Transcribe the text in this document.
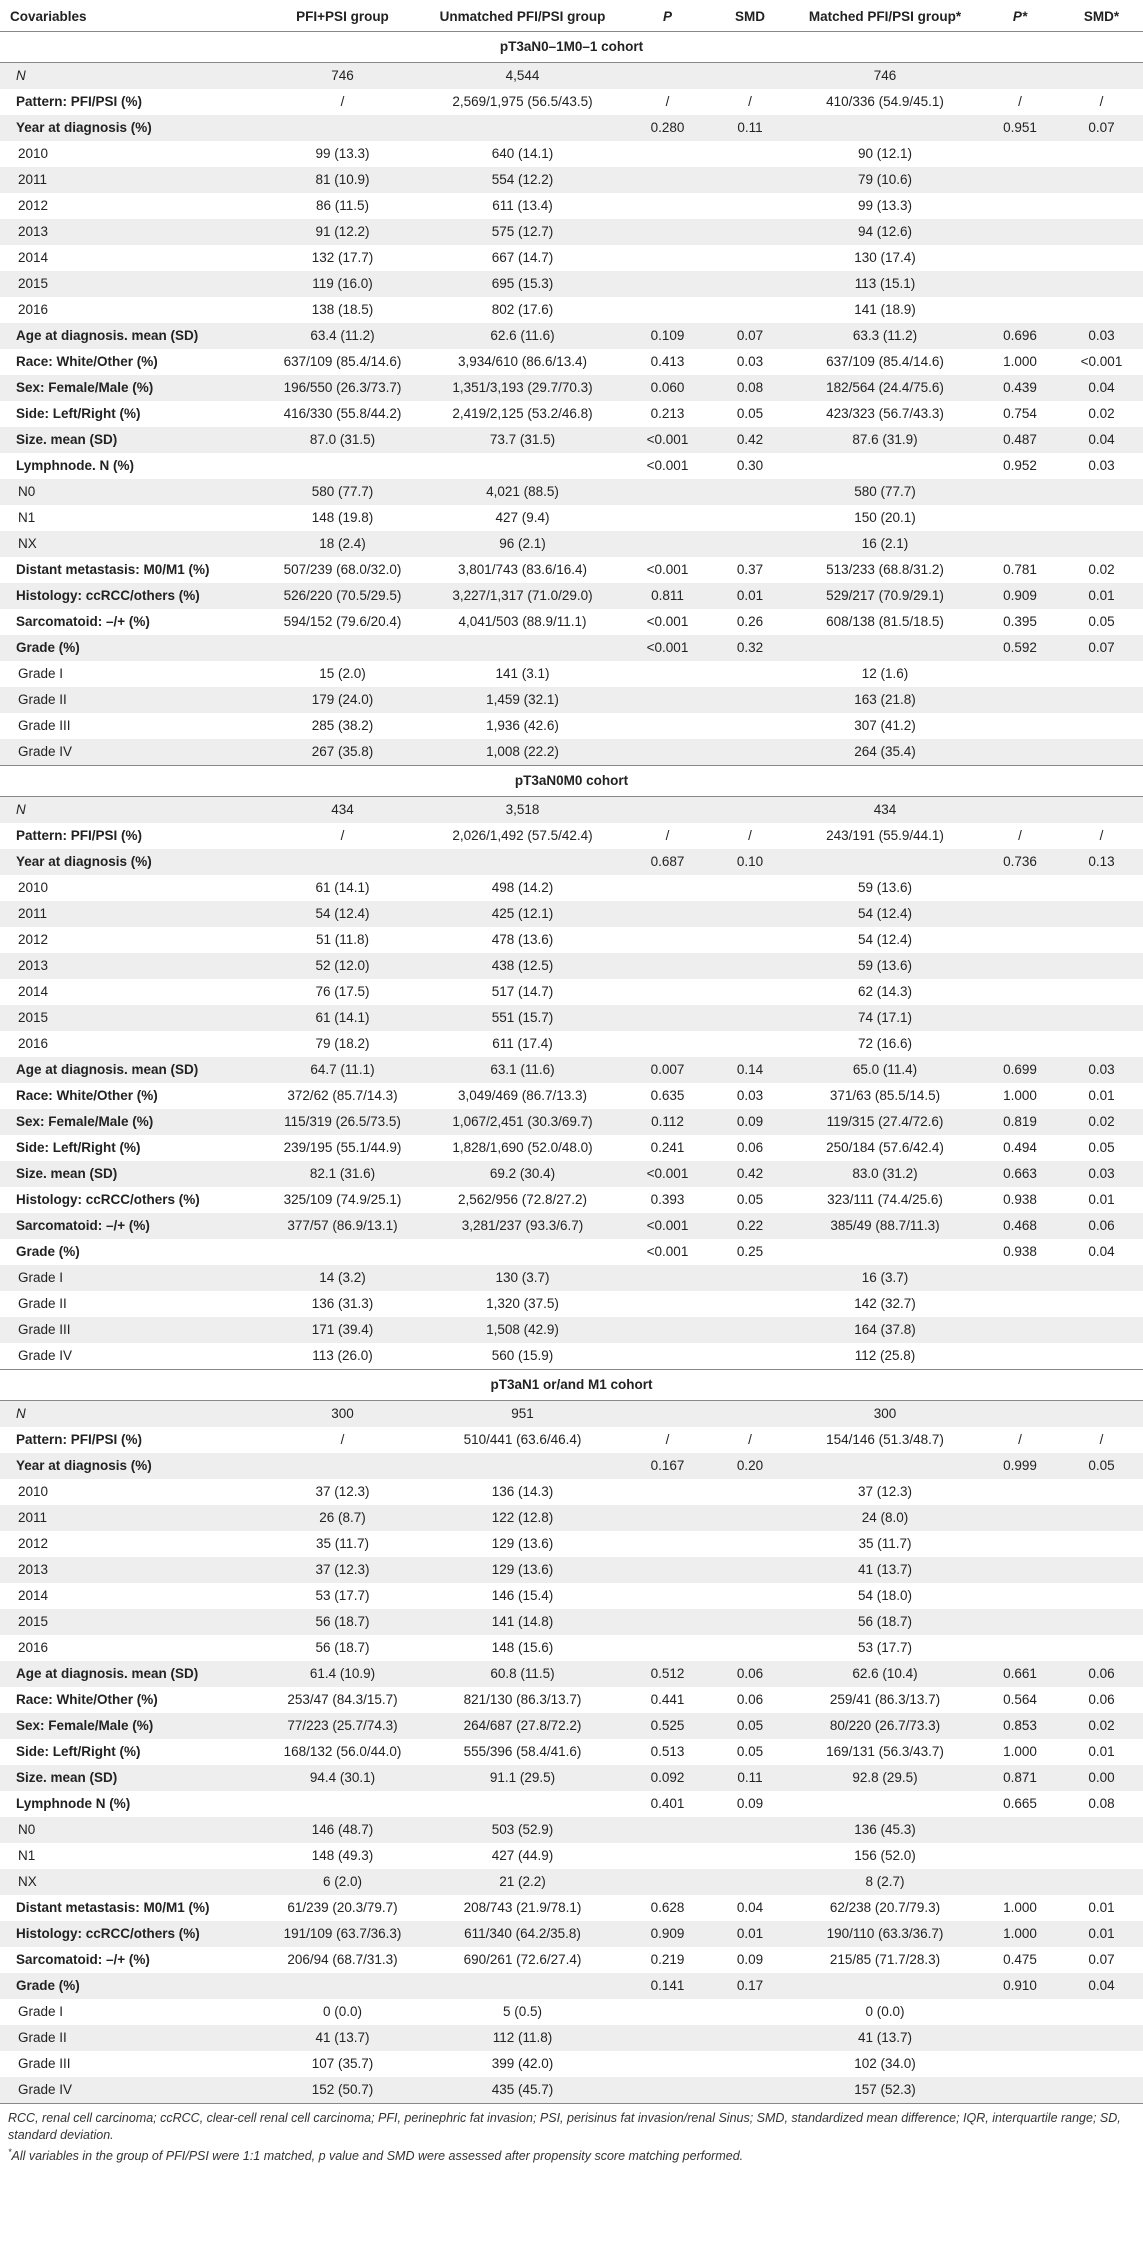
Covariables	PFI+PSI group	Unmatched PFI/PSI group	P	SMD	Matched PFI/PSI group*	P*	SMD*
pT3aN0–1M0–1 cohort							
N	746	4,544			746		
Pattern: PFI/PSI (%)	/	2,569/1,975 (56.5/43.5)	/	/	410/336 (54.9/45.1)	/	/
Year at diagnosis (%)			0.280	0.11		0.951	0.07
2010	99 (13.3)	640 (14.1)			90 (12.1)		
2011	81 (10.9)	554 (12.2)			79 (10.6)		
2012	86 (11.5)	611 (13.4)			99 (13.3)		
2013	91 (12.2)	575 (12.7)			94 (12.6)		
2014	132 (17.7)	667 (14.7)			130 (17.4)		
2015	119 (16.0)	695 (15.3)			113 (15.1)		
2016	138 (18.5)	802 (17.6)			141 (18.9)		
Age at diagnosis. mean (SD)	63.4 (11.2)	62.6 (11.6)	0.109	0.07	63.3 (11.2)	0.696	0.03
Race: White/Other (%)	637/109 (85.4/14.6)	3,934/610 (86.6/13.4)	0.413	0.03	637/109 (85.4/14.6)	1.000	<0.001
Sex: Female/Male (%)	196/550 (26.3/73.7)	1,351/3,193 (29.7/70.3)	0.060	0.08	182/564 (24.4/75.6)	0.439	0.04
Side: Left/Right (%)	416/330 (55.8/44.2)	2,419/2,125 (53.2/46.8)	0.213	0.05	423/323 (56.7/43.3)	0.754	0.02
Size. mean (SD)	87.0 (31.5)	73.7 (31.5)	<0.001	0.42	87.6 (31.9)	0.487	0.04
Lymphnode. N (%)			<0.001	0.30		0.952	0.03
N0	580 (77.7)	4,021 (88.5)			580 (77.7)		
N1	148 (19.8)	427 (9.4)			150 (20.1)		
NX	18 (2.4)	96 (2.1)			16 (2.1)		
Distant metastasis: M0/M1 (%)	507/239 (68.0/32.0)	3,801/743 (83.6/16.4)	<0.001	0.37	513/233 (68.8/31.2)	0.781	0.02
Histology: ccRCC/others (%)	526/220 (70.5/29.5)	3,227/1,317 (71.0/29.0)	0.811	0.01	529/217 (70.9/29.1)	0.909	0.01
Sarcomatoid: –/+ (%)	594/152 (79.6/20.4)	4,041/503 (88.9/11.1)	<0.001	0.26	608/138 (81.5/18.5)	0.395	0.05
Grade (%)			<0.001	0.32		0.592	0.07
Grade I	15 (2.0)	141 (3.1)			12 (1.6)		
Grade II	179 (24.0)	1,459 (32.1)			163 (21.8)		
Grade III	285 (38.2)	1,936 (42.6)			307 (41.2)		
Grade IV	267 (35.8)	1,008 (22.2)			264 (35.4)		
pT3aN0M0 cohort							
N	434	3,518			434		
Pattern: PFI/PSI (%)	/	2,026/1,492 (57.5/42.4)	/	/	243/191 (55.9/44.1)	/	/
Year at diagnosis (%)			0.687	0.10		0.736	0.13
2010	61 (14.1)	498 (14.2)			59 (13.6)		
2011	54 (12.4)	425 (12.1)			54 (12.4)		
2012	51 (11.8)	478 (13.6)			54 (12.4)		
2013	52 (12.0)	438 (12.5)			59 (13.6)		
2014	76 (17.5)	517 (14.7)			62 (14.3)		
2015	61 (14.1)	551 (15.7)			74 (17.1)		
2016	79 (18.2)	611 (17.4)			72 (16.6)		
Age at diagnosis. mean (SD)	64.7 (11.1)	63.1 (11.6)	0.007	0.14	65.0 (11.4)	0.699	0.03
Race: White/Other (%)	372/62 (85.7/14.3)	3,049/469 (86.7/13.3)	0.635	0.03	371/63 (85.5/14.5)	1.000	0.01
Sex: Female/Male (%)	115/319 (26.5/73.5)	1,067/2,451 (30.3/69.7)	0.112	0.09	119/315 (27.4/72.6)	0.819	0.02
Side: Left/Right (%)	239/195 (55.1/44.9)	1,828/1,690 (52.0/48.0)	0.241	0.06	250/184 (57.6/42.4)	0.494	0.05
Size. mean (SD)	82.1 (31.6)	69.2 (30.4)	<0.001	0.42	83.0 (31.2)	0.663	0.03
Histology: ccRCC/others (%)	325/109 (74.9/25.1)	2,562/956 (72.8/27.2)	0.393	0.05	323/111 (74.4/25.6)	0.938	0.01
Sarcomatoid: –/+ (%)	377/57 (86.9/13.1)	3,281/237 (93.3/6.7)	<0.001	0.22	385/49 (88.7/11.3)	0.468	0.06
Grade (%)			<0.001	0.25		0.938	0.04
Grade I	14 (3.2)	130 (3.7)			16 (3.7)		
Grade II	136 (31.3)	1,320 (37.5)			142 (32.7)		
Grade III	171 (39.4)	1,508 (42.9)			164 (37.8)		
Grade IV	113 (26.0)	560 (15.9)			112 (25.8)		
pT3aN1 or/and M1 cohort							
N	300	951			300		
Pattern: PFI/PSI (%)	/	510/441 (63.6/46.4)	/	/	154/146 (51.3/48.7)	/	/
Year at diagnosis (%)			0.167	0.20		0.999	0.05
2010	37 (12.3)	136 (14.3)			37 (12.3)		
2011	26 (8.7)	122 (12.8)			24 (8.0)		
2012	35 (11.7)	129 (13.6)			35 (11.7)		
2013	37 (12.3)	129 (13.6)			41 (13.7)		
2014	53 (17.7)	146 (15.4)			54 (18.0)		
2015	56 (18.7)	141 (14.8)			56 (18.7)		
2016	56 (18.7)	148 (15.6)			53 (17.7)		
Age at diagnosis. mean (SD)	61.4 (10.9)	60.8 (11.5)	0.512	0.06	62.6 (10.4)	0.661	0.06
Race: White/Other (%)	253/47 (84.3/15.7)	821/130 (86.3/13.7)	0.441	0.06	259/41 (86.3/13.7)	0.564	0.06
Sex: Female/Male (%)	77/223 (25.7/74.3)	264/687 (27.8/72.2)	0.525	0.05	80/220 (26.7/73.3)	0.853	0.02
Side: Left/Right (%)	168/132 (56.0/44.0)	555/396 (58.4/41.6)	0.513	0.05	169/131 (56.3/43.7)	1.000	0.01
Size. mean (SD)	94.4 (30.1)	91.1 (29.5)	0.092	0.11	92.8 (29.5)	0.871	0.00
Lymphnode N (%)			0.401	0.09		0.665	0.08
N0	146 (48.7)	503 (52.9)			136 (45.3)		
N1	148 (49.3)	427 (44.9)			156 (52.0)		
NX	6 (2.0)	21 (2.2)			8 (2.7)		
Distant metastasis: M0/M1 (%)	61/239 (20.3/79.7)	208/743 (21.9/78.1)	0.628	0.04	62/238 (20.7/79.3)	1.000	0.01
Histology: ccRCC/others (%)	191/109 (63.7/36.3)	611/340 (64.2/35.8)	0.909	0.01	190/110 (63.3/36.7)	1.000	0.01
Sarcomatoid: –/+ (%)	206/94 (68.7/31.3)	690/261 (72.6/27.4)	0.219	0.09	215/85 (71.7/28.3)	0.475	0.07
Grade (%)			0.141	0.17		0.910	0.04
Grade I	0 (0.0)	5 (0.5)			0 (0.0)		
Grade II	41 (13.7)	112 (11.8)			41 (13.7)		
Grade III	107 (35.7)	399 (42.0)			102 (34.0)		
Grade IV	152 (50.7)	435 (45.7)			157 (52.3)		

RCC, renal cell carcinoma; ccRCC, clear-cell renal cell carcinoma; PFI, perinephric fat invasion; PSI, perisinus fat invasion/renal Sinus; SMD, standardized mean difference; IQR, interquartile range; SD, standard deviation.

*All variables in the group of PFI/PSI were 1:1 matched, p value and SMD were assessed after propensity score matching performed.
